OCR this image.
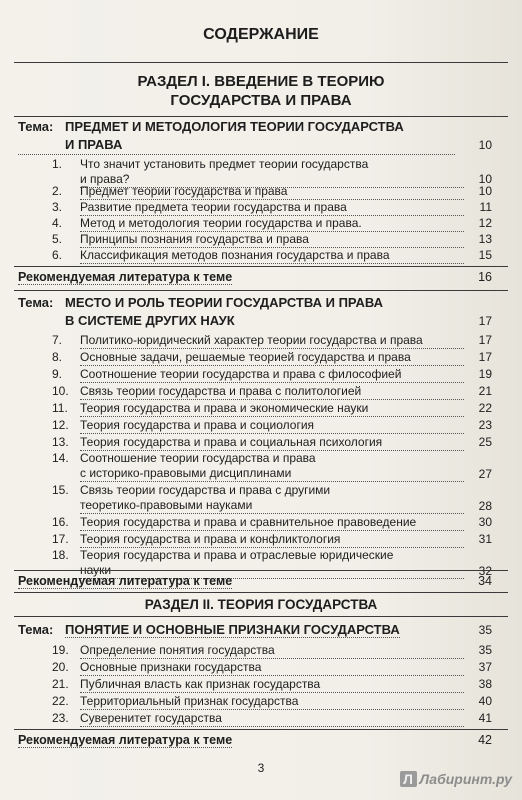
СОДЕРЖАНИЕ
РАЗДЕЛ I. ВВЕДЕНИЕ В ТЕОРИЮ
ГОСУДАРСТВА И ПРАВА
Тема: ПРЕДМЕТ И МЕТОДОЛОГИЯ ТЕОРИИ ГОСУДАРСТВА
И ПРАВА	10
1.	Что значит установить предмет теории государства
и права?	10
2.	Предмет теории государства и права	10
3.	Развитие предмета теории государства и права	11
4.	Метод и методология теории государства и права.	12
5.	Принципы познания государства и права	13
6.	Классификация методов познания государства и права	15
Рекомендуемая литература к теме	16
Тема: МЕСТО И РОЛЬ ТЕОРИИ ГОСУДАРСТВА И ПРАВА
В СИСТЕМЕ ДРУГИХ НАУК	17
7.	Политико-юридический характер теории государства и права	17
8.	Основные задачи, решаемые теорией государства и права	17
9.	Соотношение теории государства и права с философией	19
10. Связь теории государства и права с политологией	21
11.	Теория государства и права и экономические науки	22
12. Теория государства и права и социология	23
13. Теория государства и права и социальная психология	25
14. Соотношение теории государства и права
с историко-правовыми дисциплинами	27
15. Связь теории государства и права с другими
теоретико-правовыми науками	28
16. Теория государства и права и сравнительное правоведение	30
17. Теория государства и права и конфликтология	31
18. Теория государства и права и отраслевые юридические
науки	32
Рекомендуемая литература к теме	34
РАЗДЕЛ II. ТЕОРИЯ ГОСУДАРСТВА
Тема: ПОНЯТИЕ И ОСНОВНЫЕ ПРИЗНАКИ ГОСУДАРСТВА	35
19. Определение понятия государства	35
20. Основные признаки государства	37
21. Публичная власть как признак государства	38
22. Территориальный признак государства	40
23. Суверенитет государства	41
Рекомендуемая литература к теме	42
3
Л Лабиринт.ру
